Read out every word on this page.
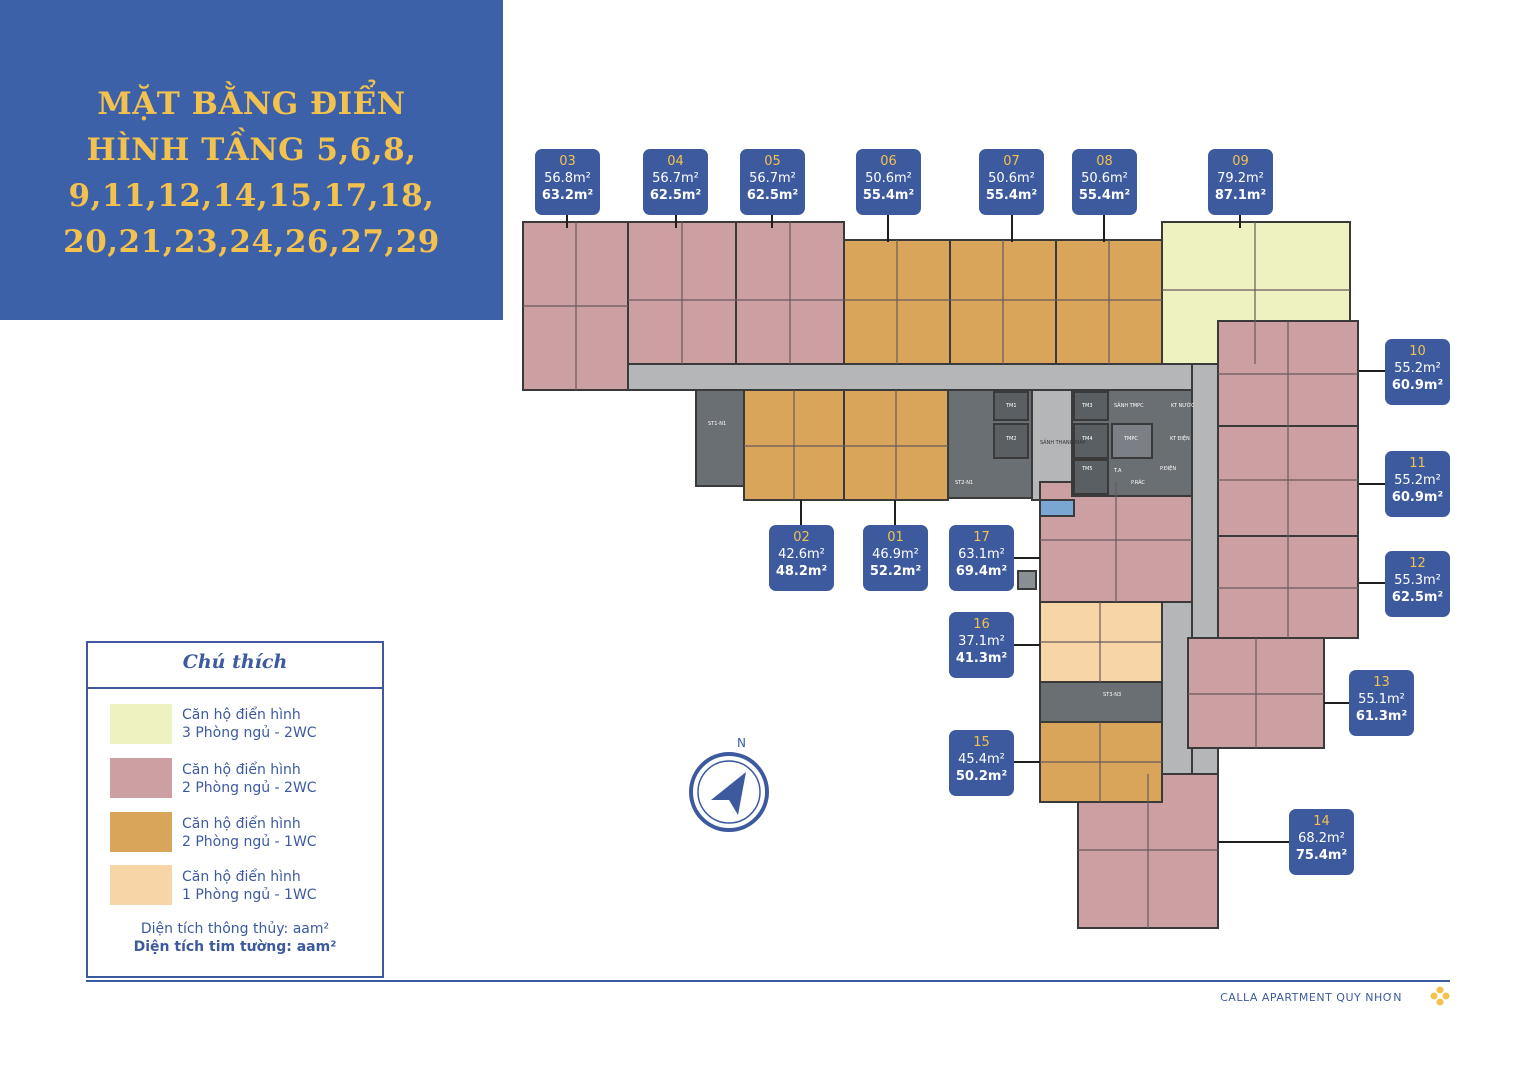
MẶT BẰNG ĐIỂN
HÌNH TẦNG 5,6,8,
9,11,12,14,15,17,18,
20,21,23,24,26,27,29
SẢNH THANG MÁY
TM1
TM2
TM3
TM4
TM5
TMPC
SẢNH TMPC
ST1-N1
ST2-N1
ST3-N3
KT NƯỚC
KT ĐIỆN
P.ĐIỆN
P.RÁC
T.A
N
03
56.8m²
63.2m²
04
56.7m²
62.5m²
05
56.7m²
62.5m²
06
50.6m²
55.4m²
07
50.6m²
55.4m²
08
50.6m²
55.4m²
09
79.2m²
87.1m²
10
55.2m²
60.9m²
11
55.2m²
60.9m²
12
55.3m²
62.5m²
13
55.1m²
61.3m²
14
68.2m²
75.4m²
15
45.4m²
50.2m²
16
37.1m²
41.3m²
17
63.1m²
69.4m²
02
42.6m²
48.2m²
01
46.9m²
52.2m²
Chú thích
Căn hộ điển hình
3 Phòng ngủ - 2WC
Căn hộ điển hình
2 Phòng ngủ - 2WC
Căn hộ điển hình
2 Phòng ngủ - 1WC
Căn hộ điển hình
1 Phòng ngủ - 1WC
Diện tích thông thủy: aam²
Diện tích tim tường: aam²
CALLA APARTMENT QUY NHƠN
